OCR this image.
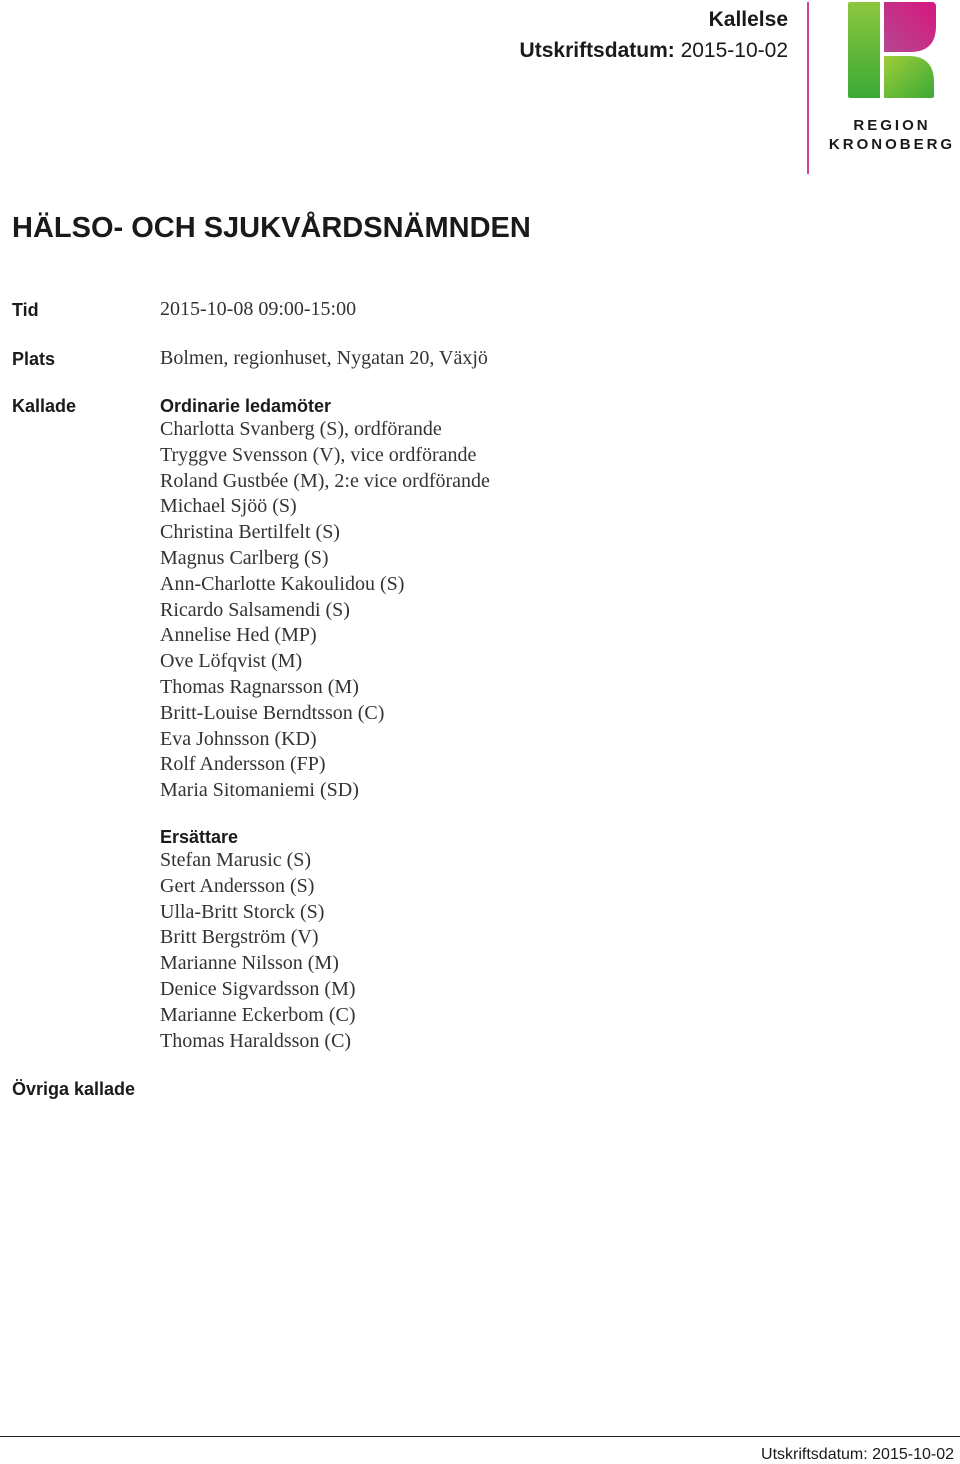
Kallelse
Utskriftsdatum: 2015-10-02
REGION
KRONOBERG
HÄLSO- OCH SJUKVÅRDSNÄMNDEN
Tid	2015-10-08 09:00-15:00
Plats	Bolmen, regionhuset, Nygatan 20, Växjö
Kallade	Ordinarie ledamöter
Charlotta Svanberg (S), ordförande
Tryggve Svensson (V), vice ordförande
Roland Gustbée (M), 2:e vice ordförande
Michael Sjöö (S)
Christina Bertilfelt (S)
Magnus Carlberg (S)
Ann-Charlotte Kakoulidou (S)
Ricardo Salsamendi (S)
Annelise Hed (MP)
Ove Löfqvist (M)
Thomas Ragnarsson (M)
Britt-Louise Berndtsson (C)
Eva Johnsson (KD)
Rolf Andersson (FP)
Maria Sitomaniemi (SD)
Ersättare
Stefan Marusic (S)
Gert Andersson (S)
Ulla-Britt Storck (S)
Britt Bergström (V)
Marianne Nilsson (M)
Denice Sigvardsson (M)
Marianne Eckerbom (C)
Thomas Haraldsson (C)
Övriga kallade
Utskriftsdatum: 2015-10-02
